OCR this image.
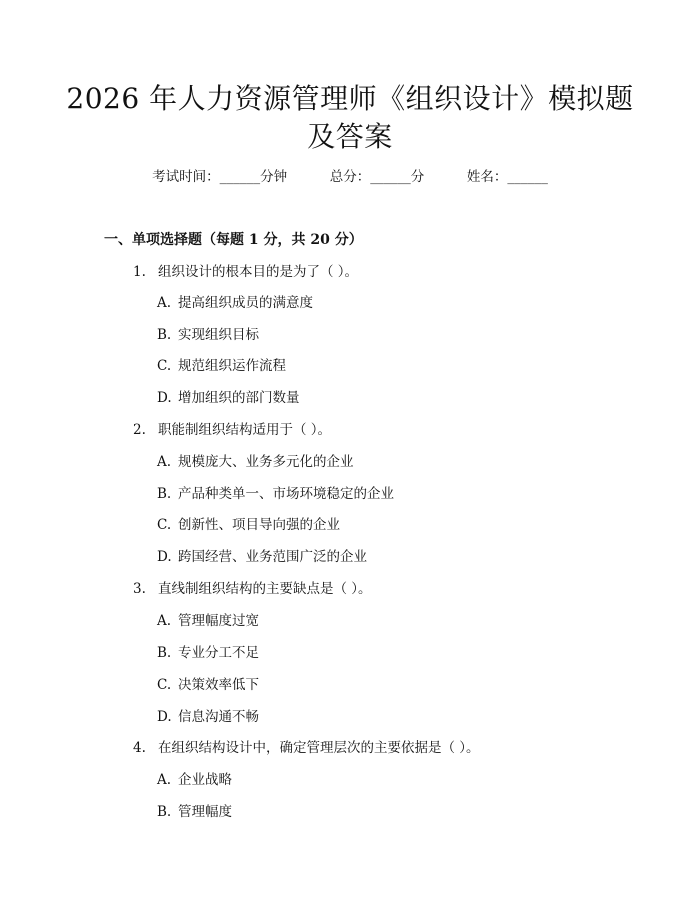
2026 年人力资源管理师《组织设计》模拟题
及答案
考试时间：______分钟	总分：______分	姓名：______
一、单项选择题（每题 1 分，共 20 分）
1. 组织设计的根本目的是为了（ ）。
A. 提高组织成员的满意度
B. 实现组织目标
C. 规范组织运作流程
D. 增加组织的部门数量
2. 职能制组织结构适用于（ ）。
A. 规模庞大、业务多元化的企业
B. 产品种类单一、市场环境稳定的企业
C. 创新性、项目导向强的企业
D. 跨国经营、业务范围广泛的企业
3. 直线制组织结构的主要缺点是（ ）。
A. 管理幅度过宽
B. 专业分工不足
C. 决策效率低下
D. 信息沟通不畅
4. 在组织结构设计中，确定管理层次的主要依据是（ ）。
A. 企业战略
B. 管理幅度
